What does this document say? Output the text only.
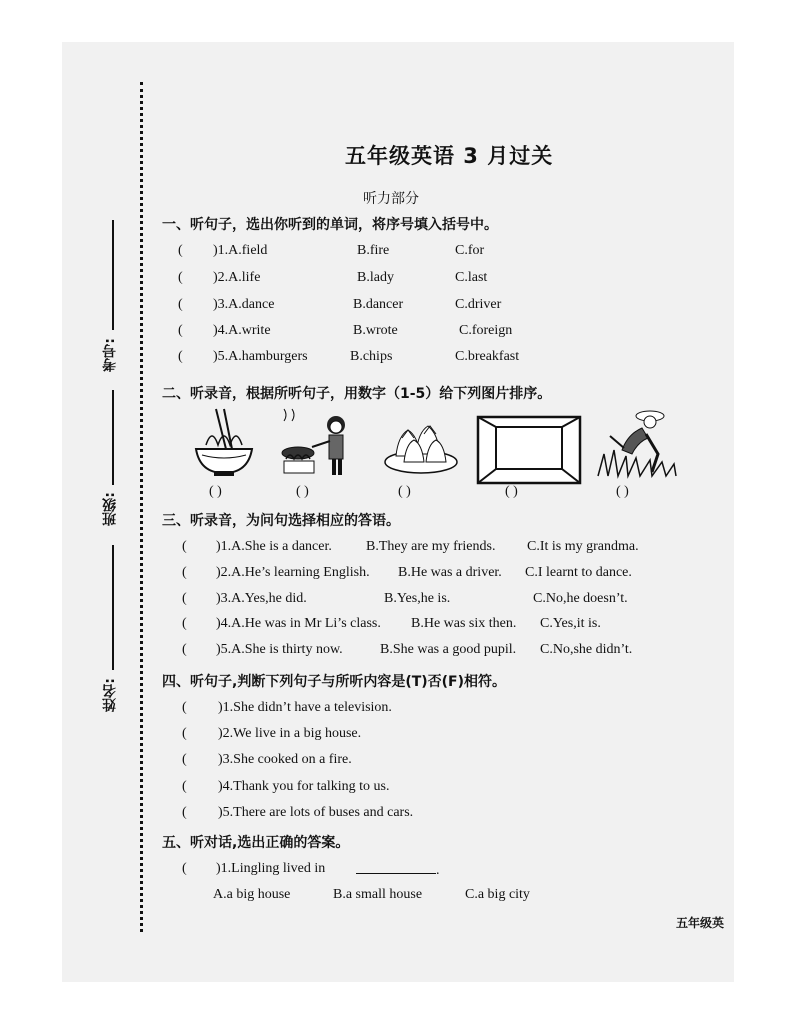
考号:
班级:
姓名:
五年级英语 3 月过关
听力部分
一、听句子，选出你听到的单词，将序号填入括号中。
( )1.A.field	B.fire	C.for
( )2.A.life	B.lady	C.last
( )3.A.dance	B.dancer	C.driver
( )4.A.write	B.wrote	C.foreign
( )5.A.hamburgers	B.chips	C.breakfast
二、听录音，根据所听句子，用数字（1-5）给下列图片排序。
( )	( )	( )	( )	( )
三、听录音，为问句选择相应的答语。
( )1.A.She is a dancer. B.They are my friends. C.It is my grandma.
( )2.A.He’s learning English. B.He was a driver. C.I learnt to dance.
( )3.A.Yes,he did.	B.Yes,he is.	C.No,he doesn’t.
( )4.A.He was in Mr Li’s class. B.He was six then. C.Yes,it is.
( )5.A.She is thirty now.	B.She was a good pupil. C.No,she didn’t.
四、听句子,判断下列句子与所听内容是(T)否(F)相符。
( )1.She didn’t have a television.
( )2.We live in a big house.
( )3.She cooked on a fire.
( )4.Thank you for talking to us.
( )5.There are lots of buses and cars.
五、听对话,选出正确的答案。
( )1.Lingling lived in	.
A.a big house	B.a small house	C.a big city
五年级英
